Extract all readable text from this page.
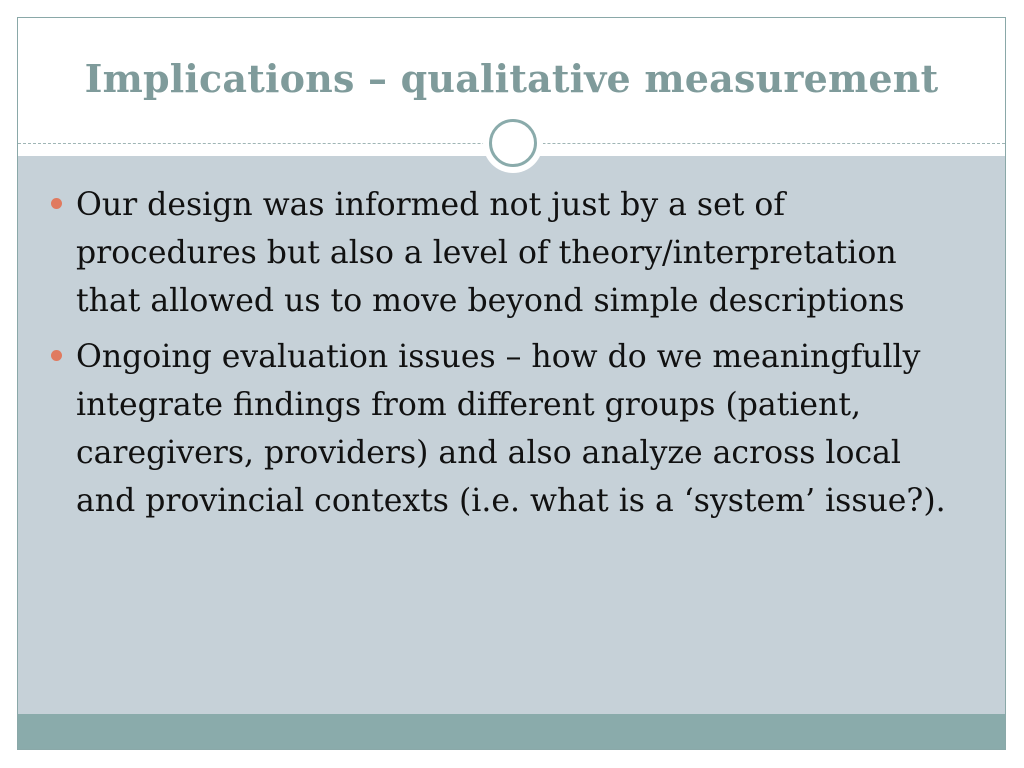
Implications – qualitative measurement
Our design was informed not just by a set of procedures but also a level of theory/interpretation that allowed us to move beyond simple descriptions
Ongoing evaluation issues – how do we meaningfully integrate findings from different groups (patient, caregivers, providers) and also analyze across local and provincial contexts (i.e. what is a ‘system’ issue?).
